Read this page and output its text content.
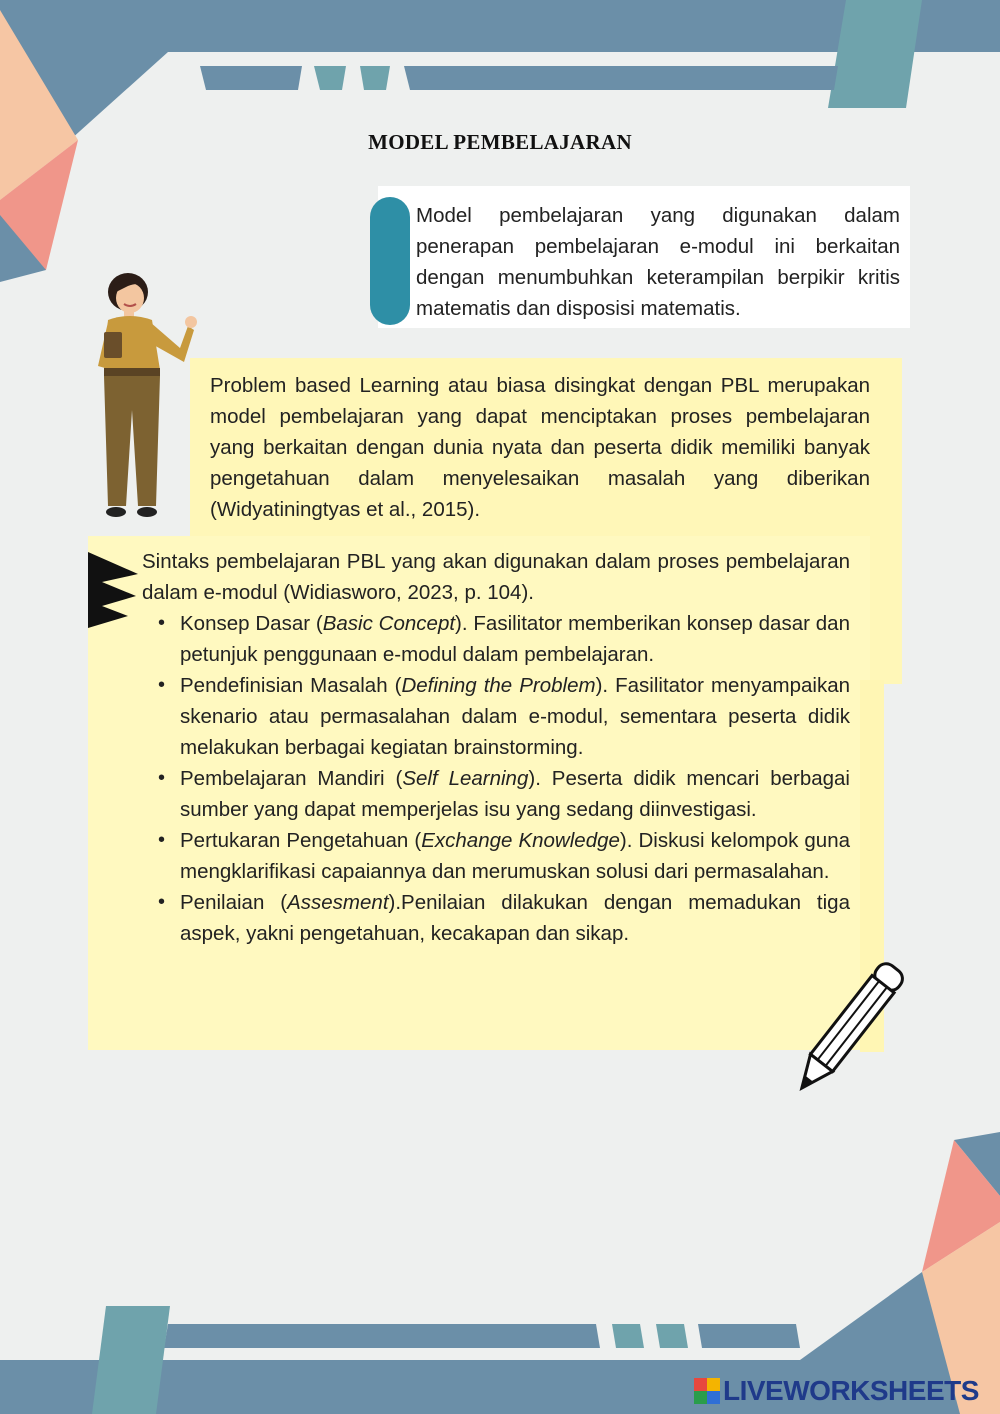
MODEL PEMBELAJARAN
Model pembelajaran yang digunakan dalam penerapan pembelajaran e-modul ini berkaitan dengan menumbuhkan keterampilan berpikir kritis matematis dan disposisi matematis.
Problem based Learning atau biasa disingkat dengan PBL merupakan model pembelajaran yang dapat menciptakan proses pembelajaran yang berkaitan dengan dunia nyata dan peserta didik memiliki banyak pengetahuan dalam menyelesaikan masalah yang diberikan (Widyatiningtyas et al., 2015).

Sintaks pembelajaran PBL yang akan digunakan dalam proses pembelajaran dalam e-modul (Widiasworo, 2023, p. 104).

• Konsep Dasar (Basic Concept). Fasilitator memberikan konsep dasar dan petunjuk penggunaan e-modul dalam pembelajaran.
• Pendefinisian Masalah (Defining the Problem). Fasilitator menyampaikan skenario atau permasalahan dalam e-modul, sementara peserta didik melakukan berbagai kegiatan brainstorming.
• Pembelajaran Mandiri (Self Learning). Peserta didik mencari berbagai sumber yang dapat memperjelas isu yang sedang diinvestigasi.
• Pertukaran Pengetahuan (Exchange Knowledge). Diskusi kelompok guna mengklarifikasi capaiannya dan merumuskan solusi dari permasalahan.
• Penilaian (Assesment).Penilaian dilakukan dengan memadukan tiga aspek, yakni pengetahuan, kecakapan dan sikap.
LIVEWORKSHEETS
